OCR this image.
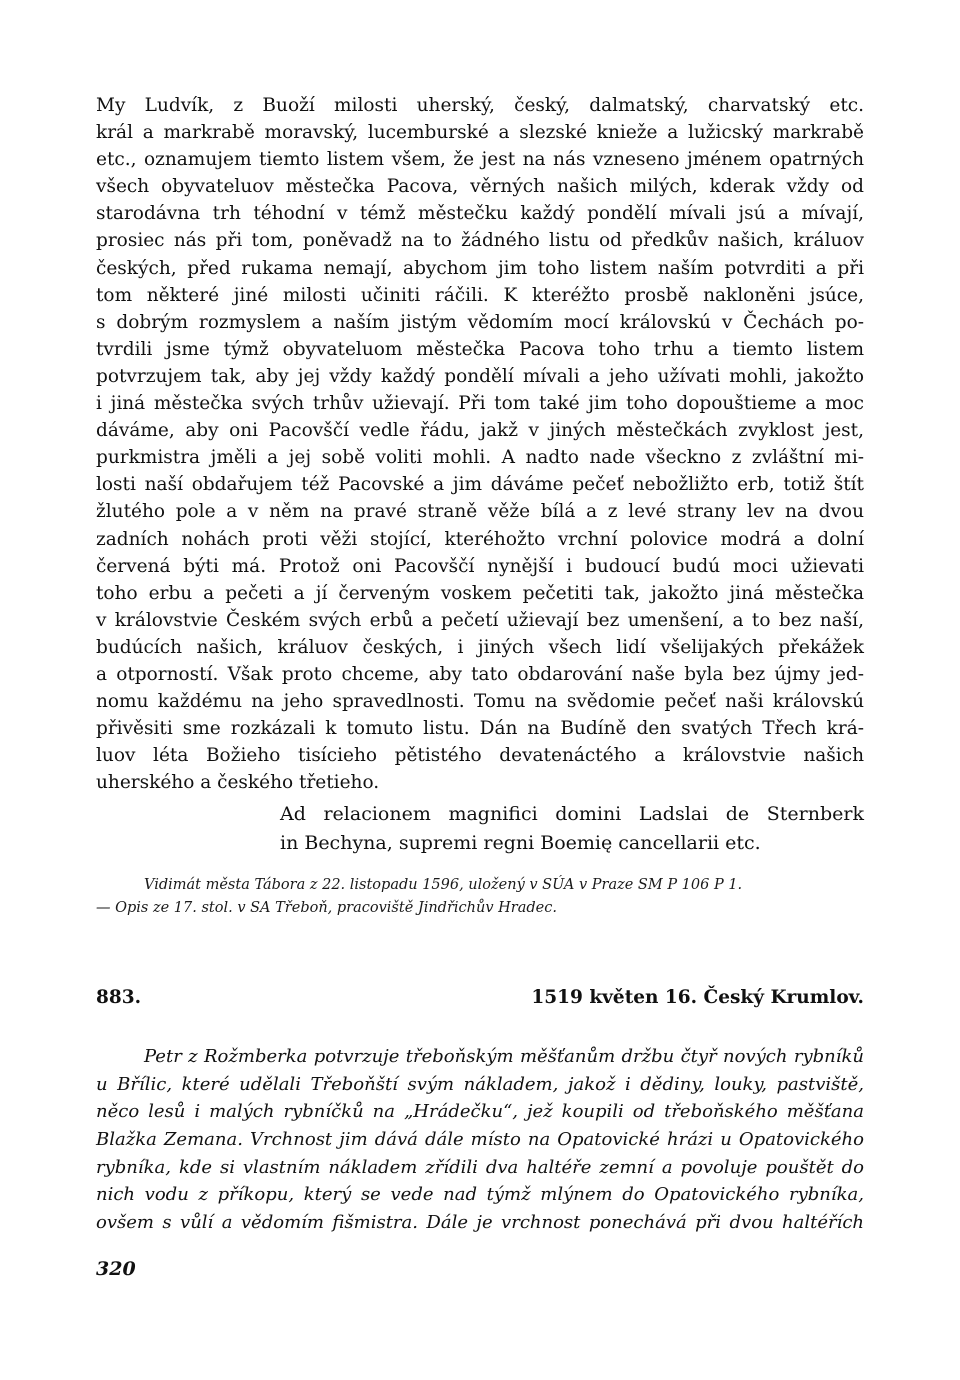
My Ludvík, z Buoží milosti uherský, český, dalmatský, charvatský etc.
král a markrabě moravský, lucemburské a slezské knieže a lužicský markrabě
etc., oznamujem tiemto listem všem, že jest na nás vzneseno jménem opatrných
všech obyvateluov městečka Pacova, věrných našich milých, kderak vždy od
starodávna trh téhodní v témž městečku každý pondělí mívali jsú a mívají,
prosiec nás při tom, poněvadž na to žádného listu od předkův našich, králuov
českých, před rukama nemají, abychom jim toho listem naším potvrditi a při
tom některé jiné milosti učiniti ráčili. K kteréžto prosbě nakloněni jsúce,
s dobrým rozmyslem a naším jistým vědomím mocí královskú v Čechách po-
tvrdili jsme týmž obyvateluom městečka Pacova toho trhu a tiemto listem
potvrzujem tak, aby jej vždy každý pondělí mívali a jeho užívati mohli, jakožto
i jiná městečka svých trhův užievají. Při tom také jim toho dopouštieme a moc
dáváme, aby oni Pacovščí vedle řádu, jakž v jiných městečkách zvyklost jest,
purkmistra jměli a jej sobě voliti mohli. A nadto nade všeckno z zvláštní mi-
losti naší obdařujem též Pacovské a jim dáváme pečeť nebožližto erb, totiž štít
žlutého pole a v něm na pravé straně věže bílá a z levé strany lev na dvou
zadních nohách proti věži stojící, kteréhožto vrchní polovice modrá a dolní
červená býti má. Protož oni Pacovščí nynější i budoucí budú moci užievati
toho erbu a pečeti a jí červeným voskem pečetiti tak, jakožto jiná městečka
v královstvie Českém svých erbů a pečetí užievají bez umenšení, a to bez naší,
budúcích našich, králuov českých, i jiných všech lidí všelijakých překážek
a otporností. Však proto chceme, aby tato obdarování naše byla bez újmy jed-
nomu každému na jeho spravedlnosti. Tomu na svědomie pečeť naši královskú
přivěsiti sme rozkázali k tomuto listu. Dán na Budíně den svatých Třech krá-
luov léta Božieho tisícieho pětistého devatenáctého a královstvie našich
uherského a českého třetieho.
Ad relacionem magnifici domini Ladslai de Sternberk
in Bechyna, supremi regni Boemię cancellarii etc.
Vidimát města Tábora z 22. listopadu 1596, uložený v SÚA v Praze SM P 106 P 1.
— Opis ze 17. stol. v SA Třeboň, pracoviště Jindřichův Hradec.
883.	1519 květen 16. Český Krumlov.
Petr z Rožmberka potvrzuje třeboňským měšťanům držbu čtyř nových rybníků
u Břílic, které udělali Třeboňští svým nákladem, jakož i dědiny, louky, pastviště,
něco lesů i malých rybníčků na „Hrádečku“, jež koupili od třeboňského měšťana
Blažka Zemana. Vrchnost jim dává dále místo na Opatovické hrázi u Opatovického
rybníka, kde si vlastním nákladem zřídili dva haltéře zemní a povoluje pouštět do
nich vodu z příkopu, který se vede nad týmž mlýnem do Opatovického rybníka,
ovšem s vůlí a vědomím fišmistra. Dále je vrchnost ponechává při dvou haltéřích
320
